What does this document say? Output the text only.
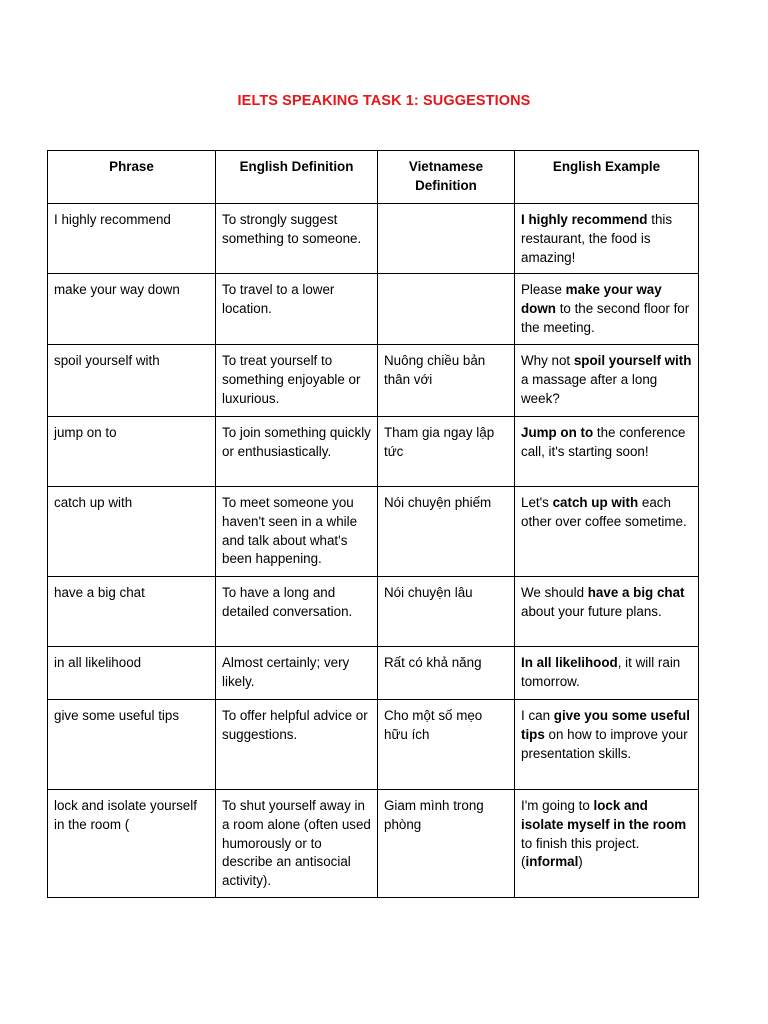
IELTS SPEAKING TASK 1: SUGGESTIONS
Phrase	English Definition	Vietnamese Definition	English Example
I highly recommend	To strongly suggest something to someone.		I highly recommend this restaurant, the food is amazing!
make your way down	To travel to a lower location.		Please make your way down to the second floor for the meeting.
spoil yourself with	To treat yourself to something enjoyable or luxurious.	Nuông chiều bản thân với	Why not spoil yourself with a massage after a long week?
jump on to	To join something quickly or enthusiastically.	Tham gia ngay lập tức	Jump on to the conference call, it's starting soon!
catch up with	To meet someone you haven't seen in a while and talk about what's been happening.	Nói chuyện phiếm	Let's catch up with each other over coffee sometime.
have a big chat	To have a long and detailed conversation.	Nói chuyện lâu	We should have a big chat about your future plans.
in all likelihood	Almost certainly; very likely.	Rất có khả năng	In all likelihood, it will rain tomorrow.
give some useful tips	To offer helpful advice or suggestions.	Cho một số mẹo hữu ích	I can give you some useful tips on how to improve your presentation skills.
lock and isolate yourself in the room (	To shut yourself away in a room alone (often used humorously or to describe an antisocial activity).	Giam mình trong phòng	I'm going to lock and isolate myself in the room to finish this project. (informal)
